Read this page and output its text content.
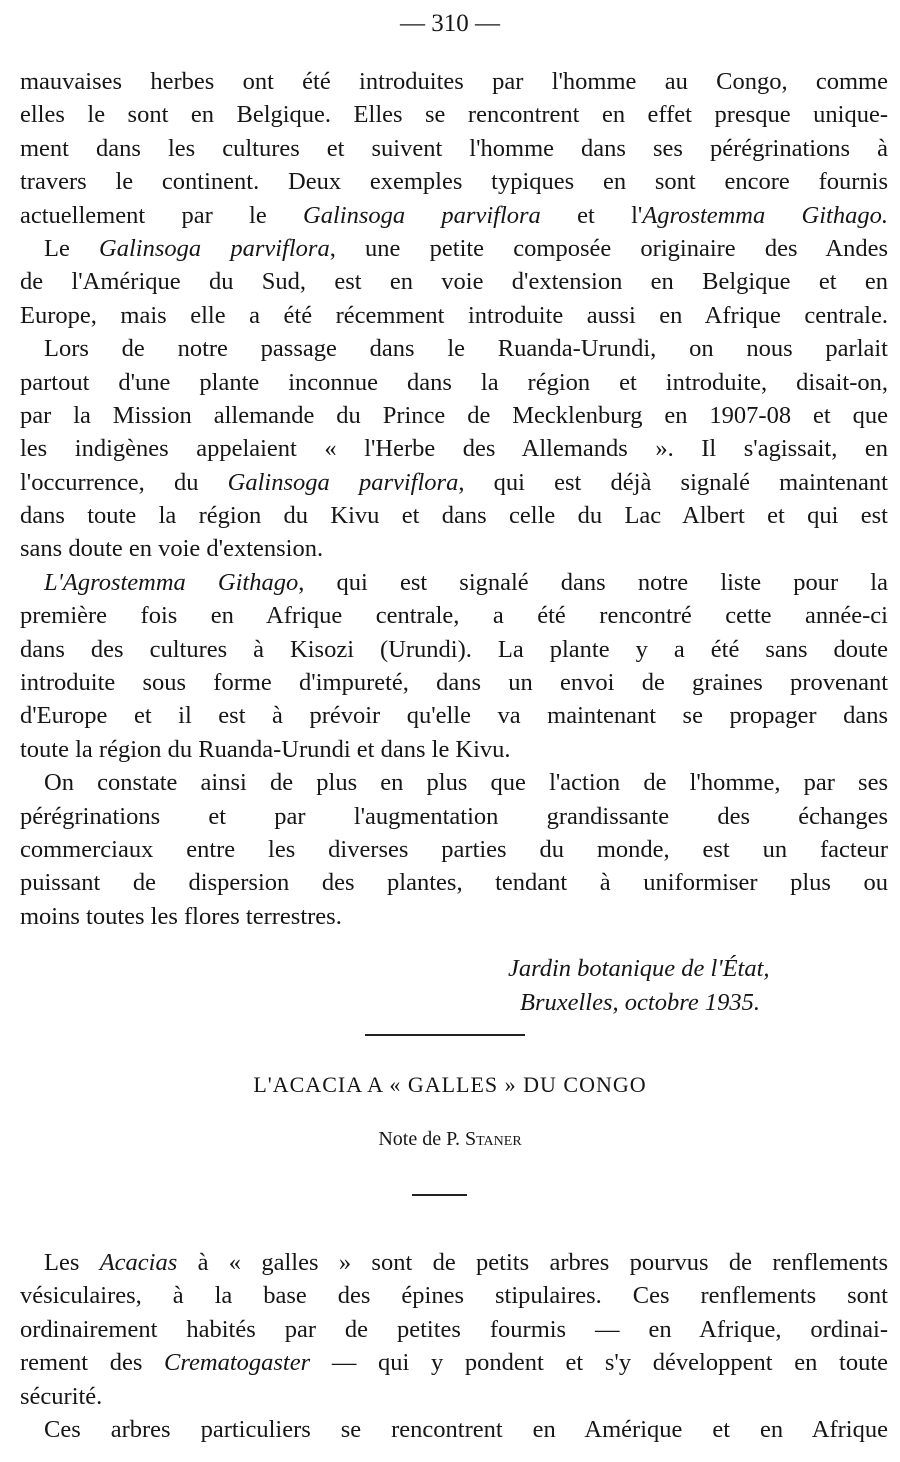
— 310 —
mauvaises herbes ont été introduites par l'homme au Congo, comme
elles le sont en Belgique. Elles se rencontrent en effet presque unique-
ment dans les cultures et suivent l'homme dans ses pérégrinations à
travers le continent. Deux exemples typiques en sont encore fournis
actuellement par le Galinsoga parviflora et l'Agrostemma Githago.
Le Galinsoga parviflora, une petite composée originaire des Andes
de l'Amérique du Sud, est en voie d'extension en Belgique et en
Europe, mais elle a été récemment introduite aussi en Afrique centrale.
Lors de notre passage dans le Ruanda-Urundi, on nous parlait
partout d'une plante inconnue dans la région et introduite, disait-on,
par la Mission allemande du Prince de Mecklenburg en 1907-08 et que
les indigènes appelaient « l'Herbe des Allemands ». Il s'agissait, en
l'occurrence, du Galinsoga parviflora, qui est déjà signalé maintenant
dans toute la région du Kivu et dans celle du Lac Albert et qui est
sans doute en voie d'extension.
L'Agrostemma Githago, qui est signalé dans notre liste pour la
première fois en Afrique centrale, a été rencontré cette année-ci
dans des cultures à Kisozi (Urundi). La plante y a été sans doute
introduite sous forme d'impureté, dans un envoi de graines provenant
d'Europe et il est à prévoir qu'elle va maintenant se propager dans
toute la région du Ruanda-Urundi et dans le Kivu.
On constate ainsi de plus en plus que l'action de l'homme, par ses
pérégrinations et par l'augmentation grandissante des échanges
commerciaux entre les diverses parties du monde, est un facteur
puissant de dispersion des plantes, tendant à uniformiser plus ou
moins toutes les flores terrestres.
Jardin botanique de l'État,
Bruxelles, octobre 1935.
L'ACACIA A « GALLES » DU CONGO
Note de P. Staner
Les Acacias à « galles » sont de petits arbres pourvus de renflements
vésiculaires, à la base des épines stipulaires. Ces renflements sont
ordinairement habités par de petites fourmis — en Afrique, ordinai-
rement des Crematogaster — qui y pondent et s'y développent en toute
sécurité.
Ces arbres particuliers se rencontrent en Amérique et en Afrique
